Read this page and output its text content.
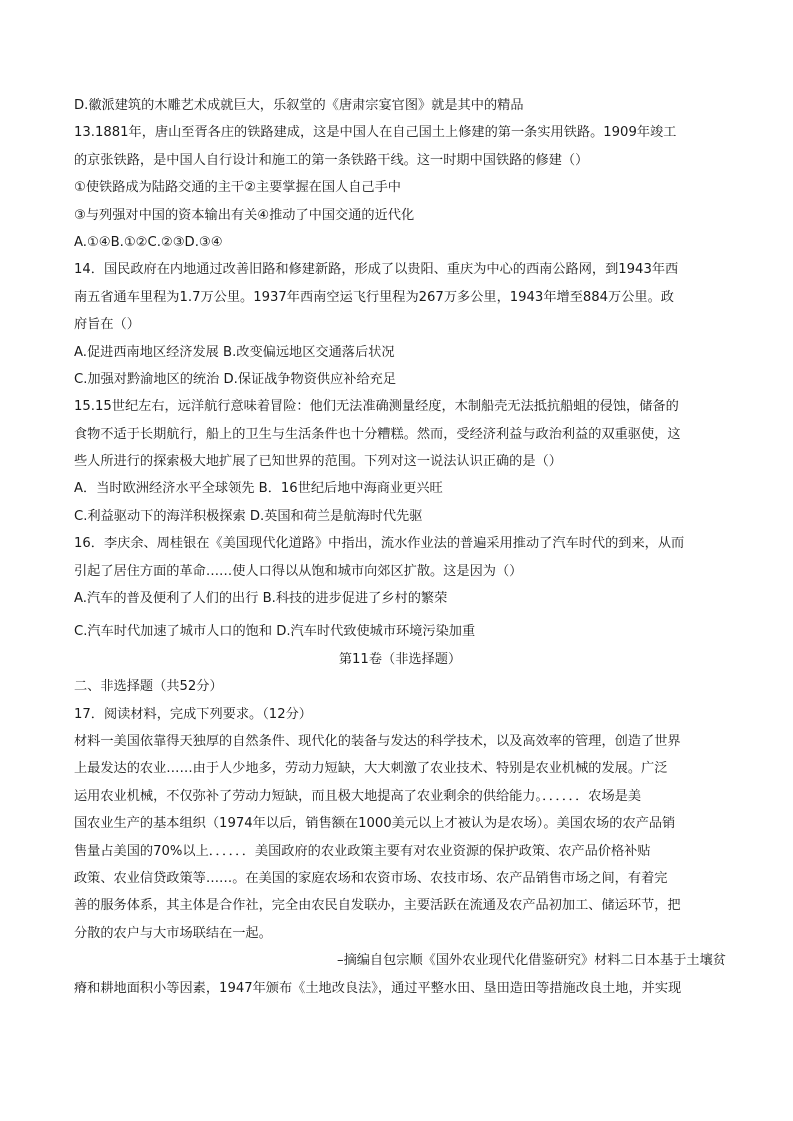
D.徽派建筑的木雕艺术成就巨大，乐叙堂的《唐肃宗宴官图》就是其中的精品
13.1881年，唐山至胥各庄的铁路建成，这是中国人在自己国土上修建的第一条实用铁路。1909年竣工
的京张铁路，是中国人自行设计和施工的第一条铁路干线。这一时期中国铁路的修建（）
①使铁路成为陆路交通的主干②主要掌握在国人自己手中
③与列强对中国的资本输出有关④推动了中国交通的近代化
A.①④B.①②C.②③D.③④
14．国民政府在内地通过改善旧路和修建新路，形成了以贵阳、重庆为中心的西南公路网，到1943年西
南五省通车里程为1.7万公里。1937年西南空运飞行里程为267万多公里，1943年增至884万公里。政
府旨在（）
A.促进西南地区经济发展 B.改变偏远地区交通落后状况
C.加强对黔渝地区的统治 D.保证战争物资供应补给充足
15.15世纪左右，远洋航行意味着冒险：他们无法准确测量经度，木制船壳无法抵抗船蛆的侵蚀，储备的
食物不适于长期航行，船上的卫生与生活条件也十分糟糕。然而，受经济利益与政治利益的双重驱使，这
些人所进行的探索极大地扩展了已知世界的范围。下列对这一说法认识正确的是（）
A．当时欧洲经济水平全球领先 B．16世纪后地中海商业更兴旺
C.利益驱动下的海洋积极探索 D.英国和荷兰是航海时代先驱
16．李庆余、周桂银在《美国现代化道路》中指出，流水作业法的普遍采用推动了汽车时代的到来，从而
引起了居住方面的革命……使人口得以从饱和城市向郊区扩散。这是因为（）
A.汽车的普及便利了人们的出行 B.科技的进步促进了乡村的繁荣
C.汽车时代加速了城市人口的饱和 D.汽车时代致使城市环境污染加重
第11卷（非选择题）
二、非选择题（共52分）
17．阅读材料，完成下列要求。（12分）
材料一美国依靠得天独厚的自然条件、现代化的装备与发达的科学技术，以及高效率的管理，创造了世界
上最发达的农业……由于人少地多，劳动力短缺，大大刺激了农业技术、特别是农业机械的发展。广泛
运用农业机械，不仅弥补了劳动力短缺，而且极大地提高了农业剩余的供给能力。．．．．．．农场是美
国农业生产的基本组织（1974年以后，销售额在1000美元以上才被认为是农场）。美国农场的农产品销
售量占美国的70%以上．．．．．．美国政府的农业政策主要有对农业资源的保护政策、农产品价格补贴
政策、农业信贷政策等……。在美国的家庭农场和农资市场、农技市场、农产品销售市场之间，有着完
善的服务体系，其主体是合作社，完全由农民自发联办，主要活跃在流通及农产品初加工、储运环节，把
分散的农户与大市场联结在一起。
–摘编自包宗顺《国外农业现代化借鉴研究》材料二日本基于土壤贫
瘠和耕地面积小等因素，1947年颁布《土地改良法》，通过平整水田、垦田造田等措施改良土地，并实现
